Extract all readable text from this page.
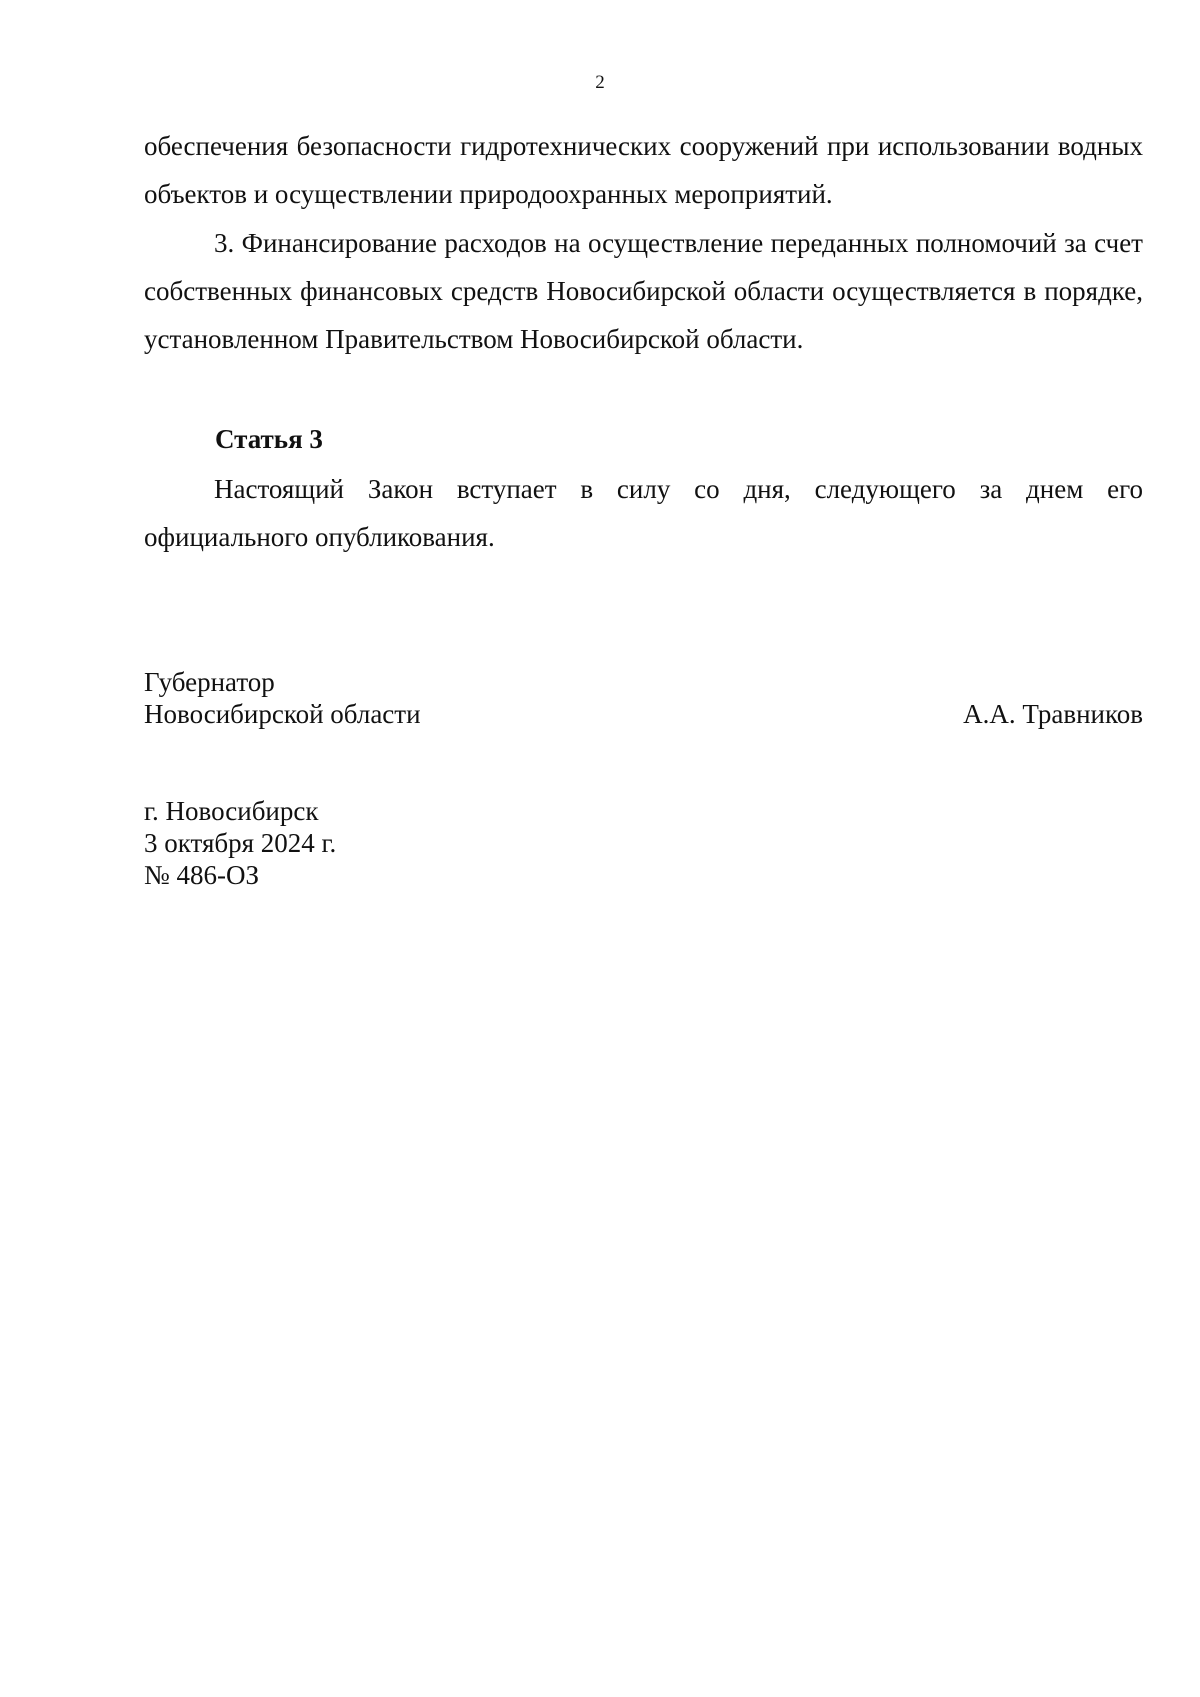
2

обеспечения безопасности гидротехнических сооружений при использовании водных объектов и осуществлении природоохранных мероприятий.

3. Финансирование расходов на осуществление переданных полномочий за счет собственных финансовых средств Новосибирской области осуществляется в порядке, установленном Правительством Новосибирской области.

Статья 3

Настоящий Закон вступает в силу со дня, следующего за днем его официального опубликования.

Губернатор
Новосибирской области	А.А. Травников
г. Новосибирск
3 октября 2024 г.
№ 486-ОЗ
